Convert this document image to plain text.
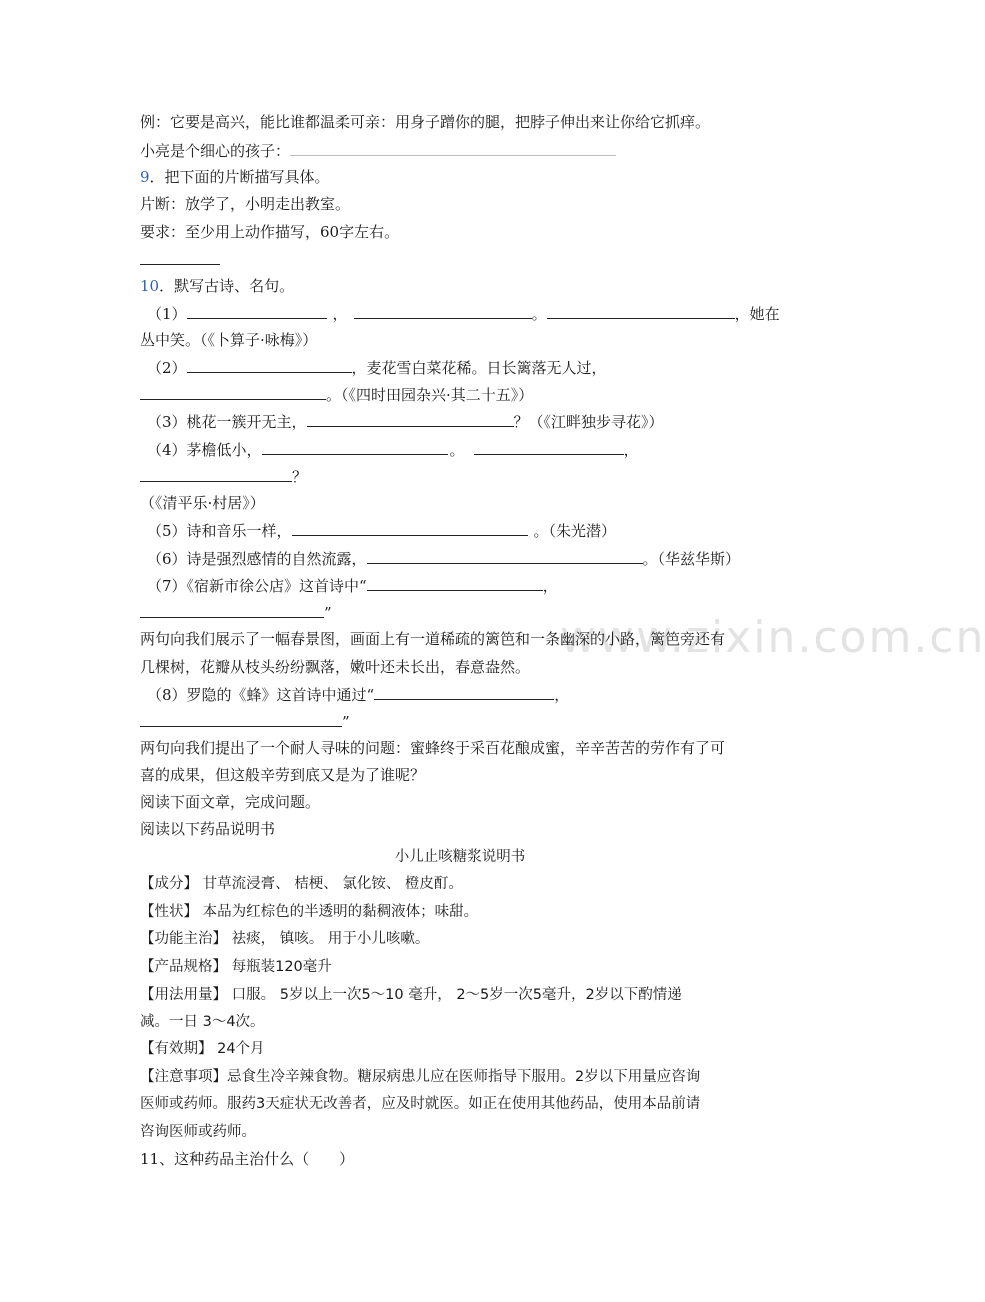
www.zixin.com.cn
例：它要是高兴，能比谁都温柔可亲：用身子蹭你的腿，把脖子伸出来让你给它抓痒。
小亮是个细心的孩子：
9．把下面的片断描写具体。
片断：放学了，小明走出教室。
要求：至少用上动作描写，60字左右。
10．默写古诗、名句。
（1）	，	。	，她在
丛中笑。（《卜算子·咏梅》）
（2）	，麦花雪白菜花稀。日长篱落无人过，
。（《四时田园杂兴·其二十五》）
（3）桃花一簇开无主，	？（《江畔独步寻花》）
（4）茅檐低小，	。	，
？
（《清平乐·村居》）
（5）诗和音乐一样，	。（朱光潜）
（6）诗是强烈感情的自然流露，	。（华兹华斯）
（7）《宿新市徐公店》这首诗中“	，
”
两句向我们展示了一幅春景图，画面上有一道稀疏的篱笆和一条幽深的小路，篱笆旁还有
几棵树，花瓣从枝头纷纷飘落，嫩叶还未长出，春意盎然。
（8）罗隐的《蜂》这首诗中通过“	，
”
两句向我们提出了一个耐人寻味的问题：蜜蜂终于采百花酿成蜜，辛辛苦苦的劳作有了可
喜的成果，但这般辛劳到底又是为了谁呢？
阅读下面文章，完成问题。
阅读以下药品说明书
小儿止咳糖浆说明书
【成分】 甘草流浸膏、 桔梗、 氯化铵、 橙皮酊。
【性状】 本品为红棕色的半透明的黏稠液体；味甜。
【功能主治】 祛痰， 镇咳。 用于小儿咳嗽。
【产品规格】 每瓶装120毫升
【用法用量】 口服。 5岁以上一次5～10 毫升， 2～5岁一次5毫升，2岁以下酌情递
减。一日 3～4次。
【有效期】 24个月
【注意事项】忌食生冷辛辣食物。糖尿病患儿应在医师指导下服用。2岁以下用量应咨询
医师或药师。服药3天症状无改善者，应及时就医。如正在使用其他药品，使用本品前请
咨询医师或药师。
11、这种药品主治什么（　　）
